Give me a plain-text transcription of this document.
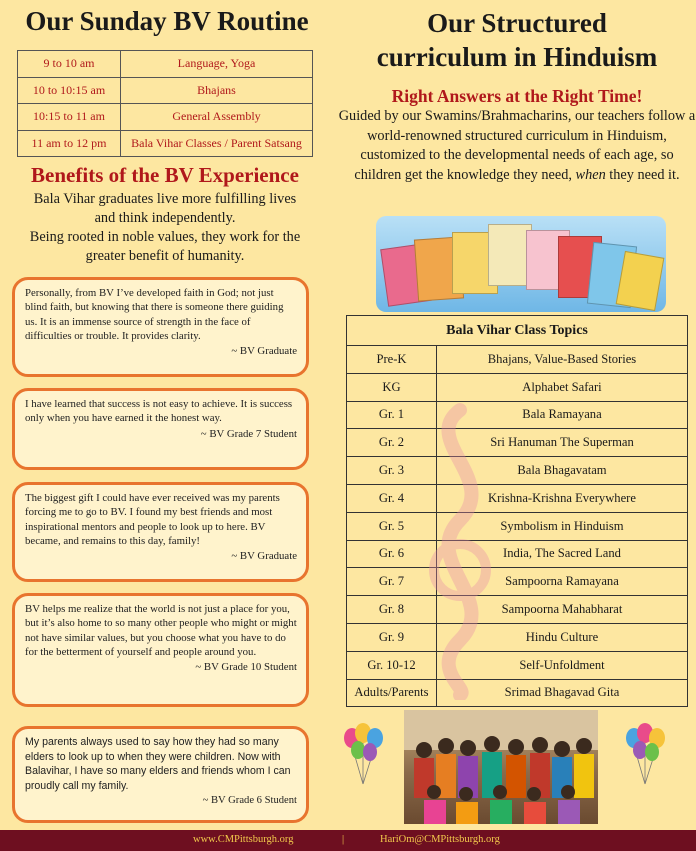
Our Sunday BV Routine
9 to 10 am	Language, Yoga
10 to 10:15 am	Bhajans
10:15 to 11 am	General Assembly
11 am to 12 pm	Bala Vihar Classes / Parent Satsang
Benefits of the BV Experience
Bala Vihar graduates live more fulfilling lives
and think independently.
Being rooted in noble values, they work for the
greater benefit of humanity.
Personally, from BV I’ve developed faith in God; not just blind faith, but knowing that there is someone there guiding us. It is an immense source of strength in the face of difficulties or trouble. It provides clarity.
~ BV Graduate
I have learned that success is not easy to achieve. It is success only when you have earned it the honest way.
~ BV Grade 7 Student
The biggest gift I could have ever received was my parents forcing me to go to BV. I found my best friends and most inspirational mentors and people to look up to here. BV became, and remains to this day, family!
~ BV Graduate
BV helps me realize that the world is not just a place for you, but it’s also home to so many other people who might or might not have similar values, but you choose what you have to do for the betterment of yourself and people around you.
~ BV Grade 10 Student
My parents always used to say how they had so many elders to look up to when they were children. Now with Balavihar, I have so many elders and friends whom I can proudly call my family.
~ BV Grade 6 Student
Our Structured
curriculum in Hinduism
Right Answers at the Right Time!

Guided by our Swamins/Brahmacharins, our teachers follow a world-renowned structured curriculum in Hinduism, customized to the developmental needs of each age, so children get the knowledge they need, when they need it.

Bala Vihar Class Topics	
Pre-K	Bhajans, Value-Based Stories
KG	Alphabet Safari
Gr. 1	Bala Ramayana
Gr. 2	Sri Hanuman The Superman
Gr. 3	Bala Bhagavatam
Gr. 4	Krishna-Krishna Everywhere
Gr. 5	Symbolism in Hinduism
Gr. 6	India, The Sacred Land
Gr. 7	Sampoorna Ramayana
Gr. 8	Sampoorna Mahabharat
Gr. 9	Hindu Culture
Gr. 10-12	Self-Unfoldment
Adults/Parents	Srimad Bhagavad Gita
www.CMPittsburgh.org	|	HariOm@CMPittsburgh.org
